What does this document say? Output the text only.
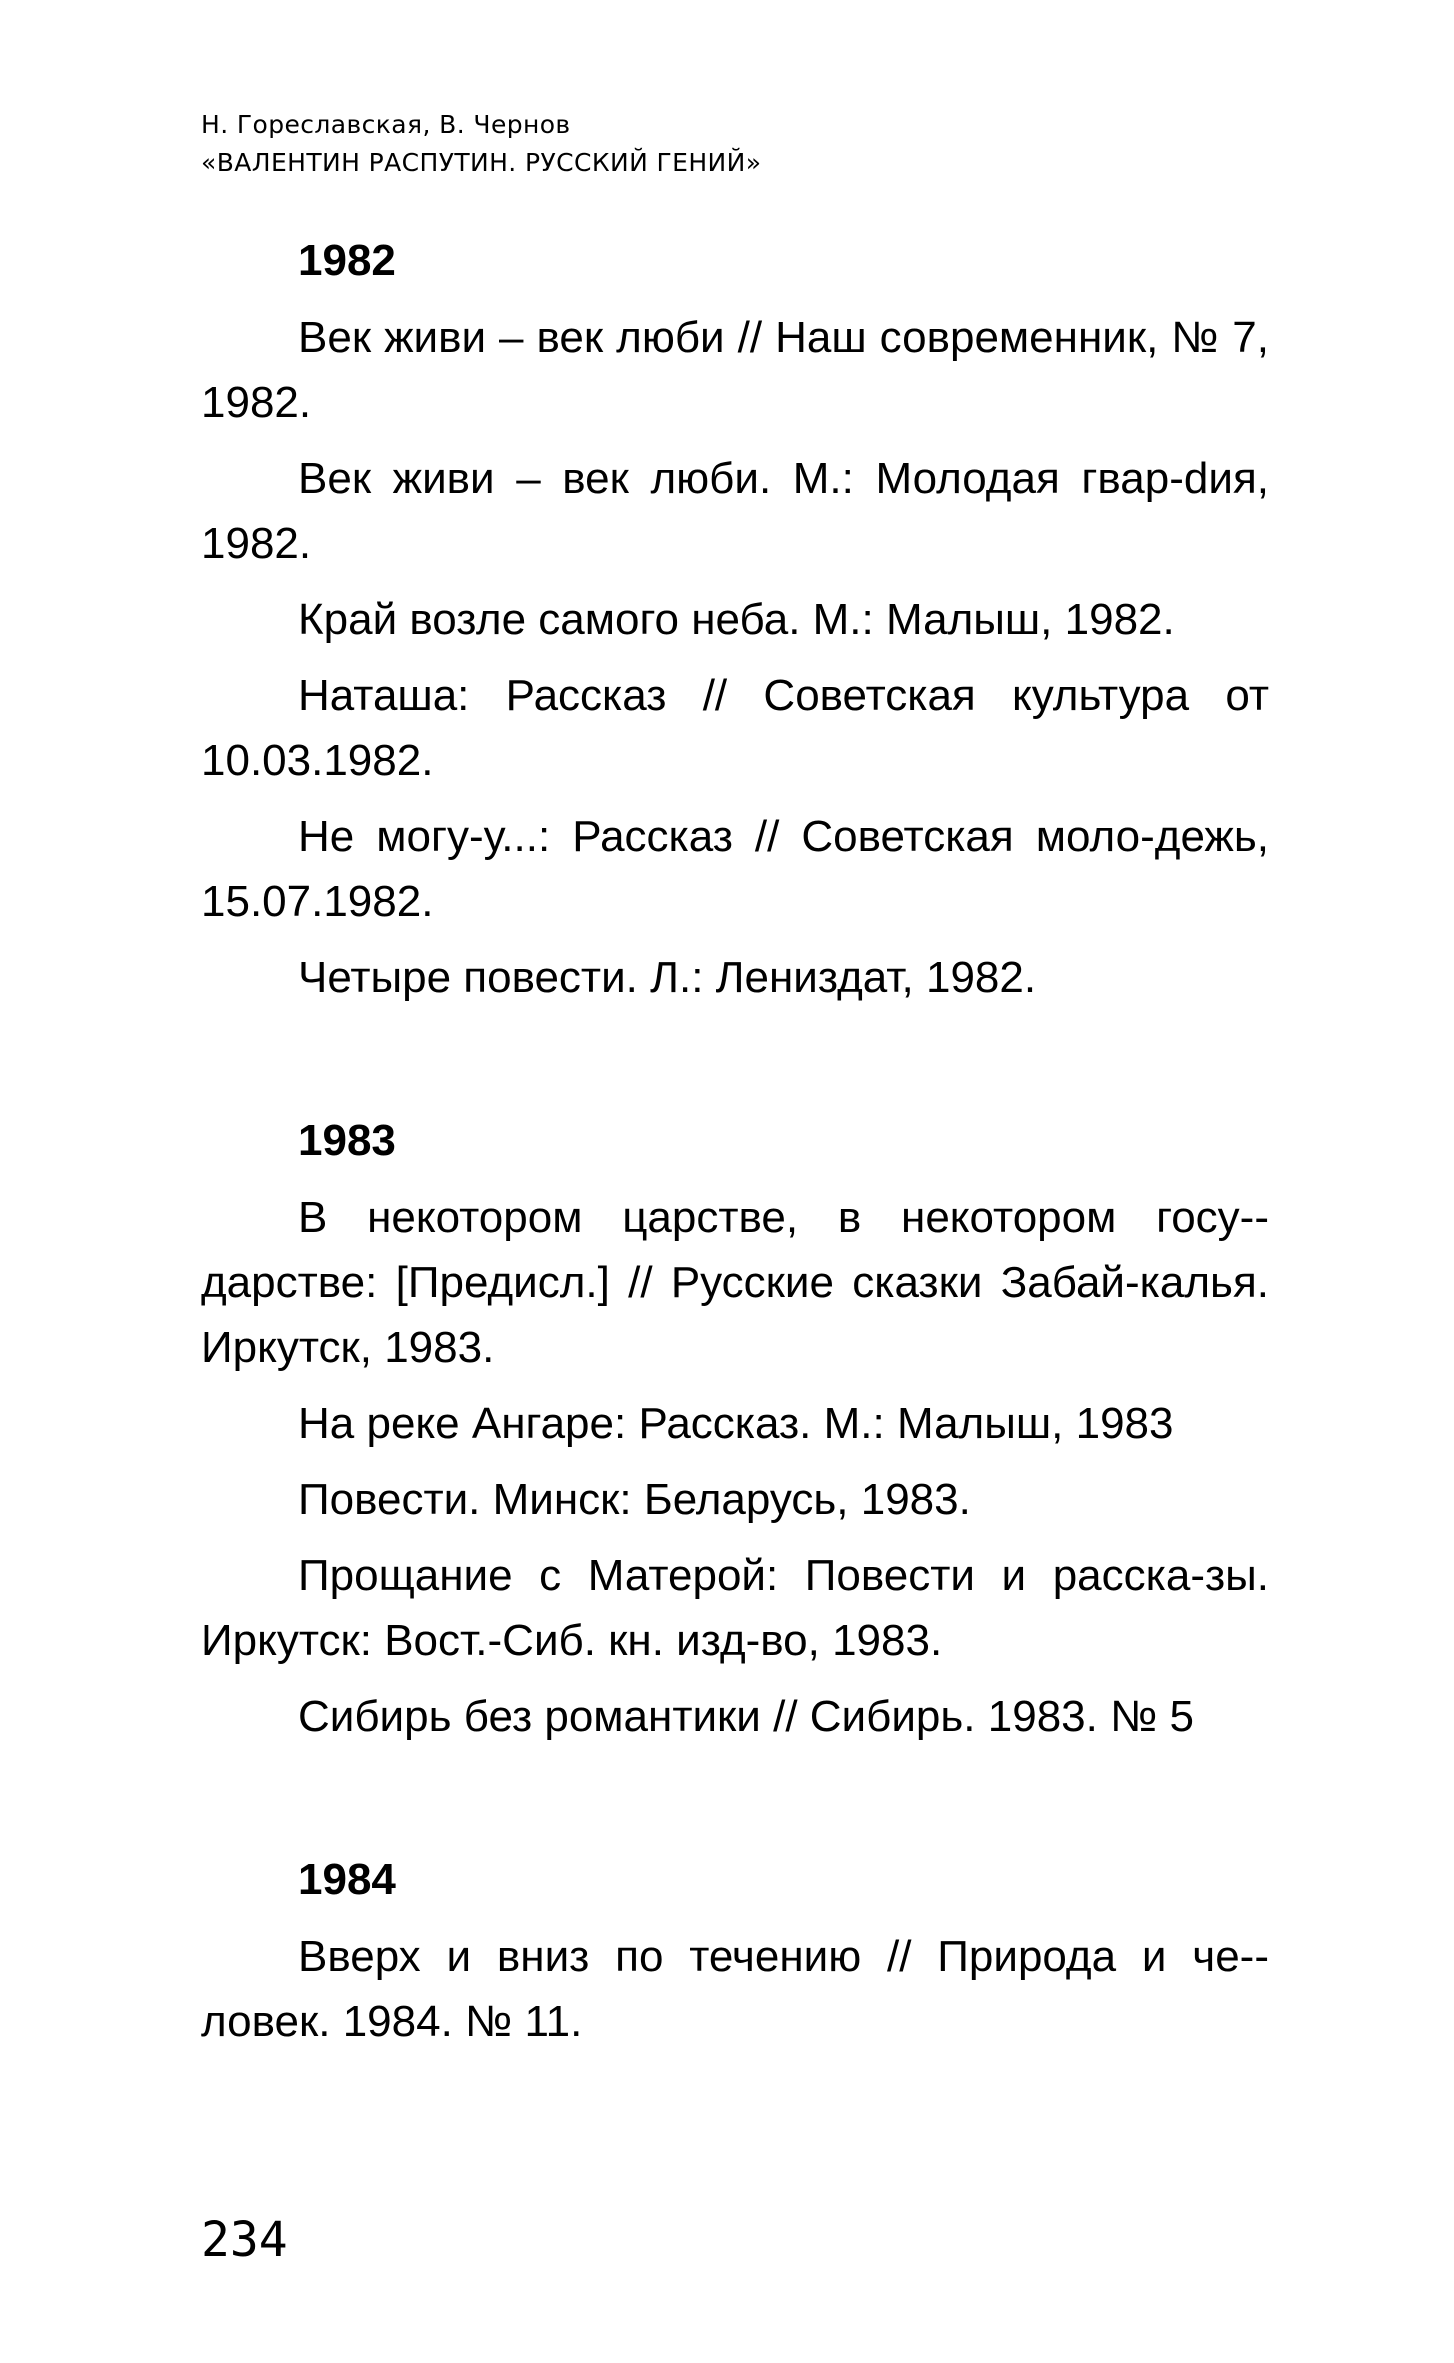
Н. Гореславская, В. Чернов
«ВАЛЕНТИН РАСПУТИН. РУССКИЙ ГЕНИЙ»
1982

Век живи – век люби // Наш современник, № 7, 1982.

Век живи – век люби. М.: Молодая гвар-dия, 1982.

Край возле самого неба. М.: Малыш, 1982.

Наташа: Рассказ // Советская культура от 10.03.1982.

Не могу-у...: Рассказ // Советская моло-дежь, 15.07.1982.

Четыре повести. Л.: Лениздат, 1982.

1983

В некотором царстве, в некотором госу-дарстве: [Предисл.] // Русские сказки Забай-калья. Иркутск, 1983.

На реке Ангаре: Рассказ. М.: Малыш, 1983

Повести. Минск: Беларусь, 1983.

Прощание с Матерой: Повести и расска-зы. Иркутск: Вост.-Сиб. кн. изд-во, 1983.

Сибирь без романтики // Сибирь. 1983. № 5

1984

Вверх и вниз по течению // Природа и че-ловек. 1984. № 11.

234
